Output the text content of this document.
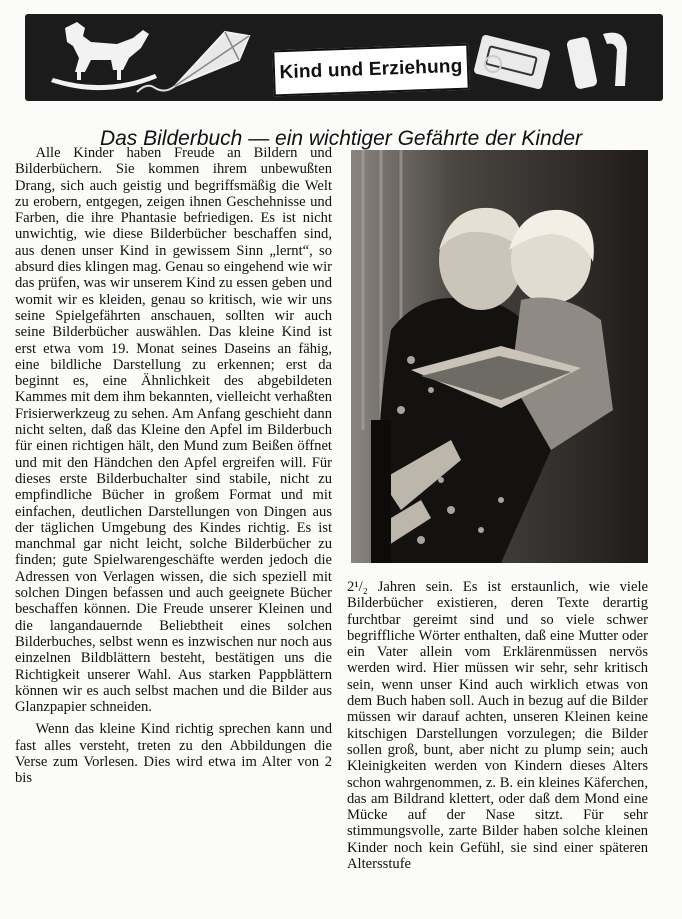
Kind und Erziehung
Das Bilderbuch — ein wichtiger Gefährte der Kinder

Alle Kinder haben Freude an Bildern und Bilderbüchern. Sie kommen ihrem unbewußten Drang, sich auch geistig und begriffsmäßig die Welt zu erobern, entgegen, zeigen ihnen Geschehnisse und Farben, die ihre Phantasie befriedigen. Es ist nicht unwichtig, wie diese Bilderbücher beschaffen sind, aus denen unser Kind in gewissem Sinn „lernt“, so absurd dies klingen mag. Genau so eingehend wie wir das prüfen, was wir unserem Kind zu essen geben und womit wir es kleiden, genau so kritisch, wie wir uns seine Spielgefährten anschauen, sollten wir auch seine Bilderbücher auswählen. Das kleine Kind ist erst etwa vom 19. Monat seines Daseins an fähig, eine bildliche Darstellung zu erkennen; erst da beginnt es, eine Ähnlichkeit des abgebildeten Kammes mit dem ihm bekannten, vielleicht verhaßten Frisierwerkzeug zu sehen. Am Anfang geschieht dann nicht selten, daß das Kleine den Apfel im Bilderbuch für einen richtigen hält, den Mund zum Beißen öffnet und mit den Händchen den Apfel ergreifen will. Für dieses erste Bilderbuchalter sind stabile, nicht zu empfindliche Bücher in großem Format und mit einfachen, deutlichen Darstellungen von Dingen aus der täglichen Umgebung des Kindes richtig. Es ist manchmal gar nicht leicht, solche Bilderbücher zu finden; gute Spielwarengeschäfte werden jedoch die Adressen von Verlagen wissen, die sich speziell mit solchen Dingen befassen und auch geeignete Bücher beschaffen können. Die Freude unserer Kleinen und die langandauernde Beliebtheit eines solchen Bilderbuches, selbst wenn es inzwischen nur noch aus einzelnen Bildblättern besteht, bestätigen uns die Richtigkeit unserer Wahl. Aus starken Pappblättern können wir es auch selbst machen und die Bilder aus Glanzpapier schneiden.

Wenn das kleine Kind richtig sprechen kann und fast alles versteht, treten zu den Abbildungen die Verse zum Vorlesen. Dies wird etwa im Alter von 2 bis

2¹/₂ Jahren sein. Es ist erstaunlich, wie viele Bilderbücher existieren, deren Texte derartig furchtbar gereimt sind und so viele schwer begriffliche Wörter enthalten, daß eine Mutter oder ein Vater allein vom Erklärenmüssen nervös werden wird. Hier müssen wir sehr, sehr kritisch sein, wenn unser Kind auch wirklich etwas von dem Buch haben soll. Auch in bezug auf die Bilder müssen wir darauf achten, unseren Kleinen keine kitschigen Darstellungen vorzulegen; die Bilder sollen groß, bunt, aber nicht zu plump sein; auch Kleinigkeiten werden von Kindern dieses Alters schon wahrgenommen, z. B. ein kleines Käferchen, das am Bildrand klettert, oder daß dem Mond eine Mücke auf der Nase sitzt. Für sehr stimmungsvolle, zarte Bilder haben solche kleinen Kinder noch kein Gefühl, sie sind einer späteren Altersstufe
